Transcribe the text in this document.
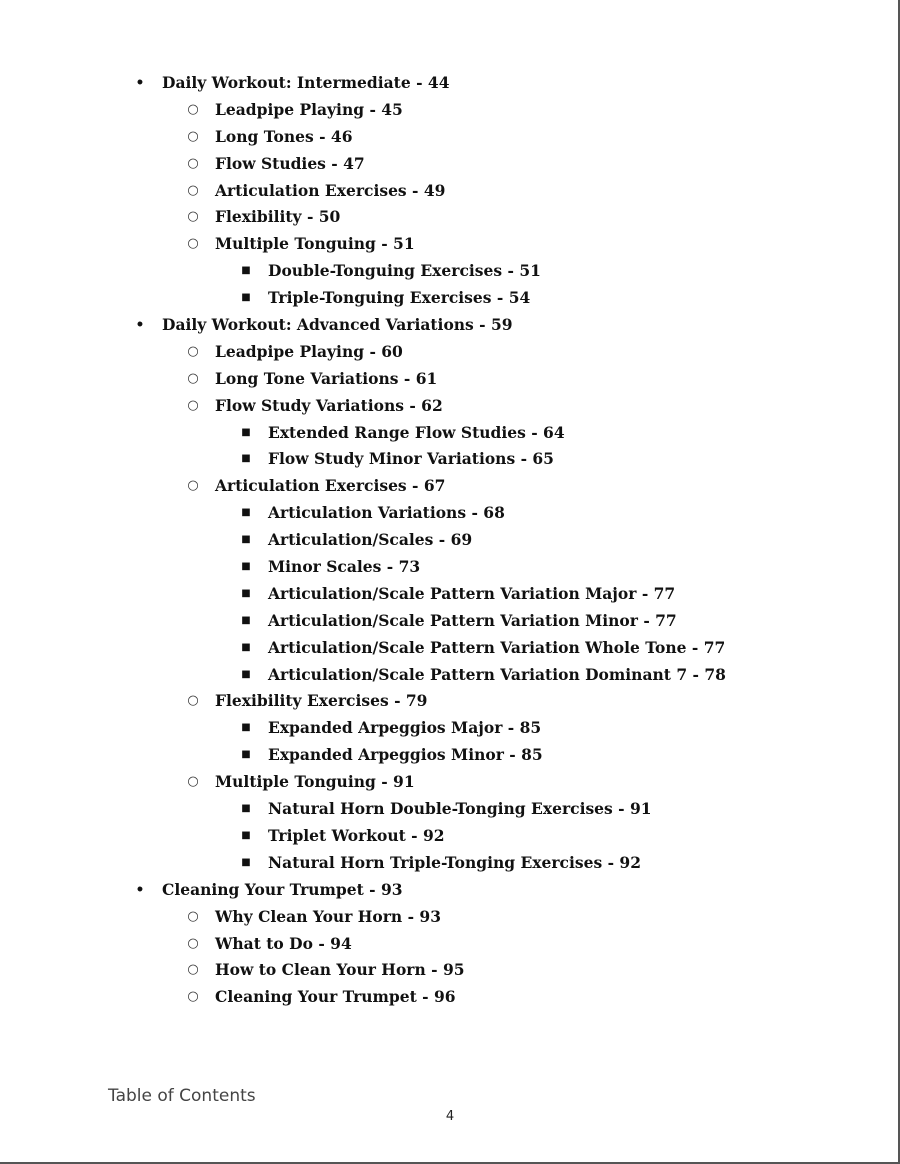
• Daily Workout: Intermediate - 44
○ Leadpipe Playing - 45
○ Long Tones - 46
○ Flow Studies - 47
○ Articulation Exercises - 49
○ Flexibility - 50
○ Multiple Tonguing - 51
■ Double-Tonguing Exercises - 51
■ Triple-Tonguing Exercises - 54
• Daily Workout: Advanced Variations - 59
○ Leadpipe Playing - 60
○ Long Tone Variations - 61
○ Flow Study Variations - 62
■ Extended Range Flow Studies - 64
■ Flow Study Minor Variations - 65
○ Articulation Exercises - 67
■ Articulation Variations - 68
■ Articulation/Scales - 69
■ Minor Scales - 73
■ Articulation/Scale Pattern Variation Major - 77
■ Articulation/Scale Pattern Variation Minor - 77
■ Articulation/Scale Pattern Variation Whole Tone - 77
■ Articulation/Scale Pattern Variation Dominant 7 - 78
○ Flexibility Exercises - 79
■ Expanded Arpeggios Major - 85
■ Expanded Arpeggios Minor - 85
○ Multiple Tonguing - 91
■ Natural Horn Double-Tonging Exercises - 91
■ Triplet Workout - 92
■ Natural Horn Triple-Tonging Exercises - 92
• Cleaning Your Trumpet - 93
○ Why Clean Your Horn - 93
○ What to Do - 94
○ How to Clean Your Horn - 95
○ Cleaning Your Trumpet - 96
Table of Contents
4
